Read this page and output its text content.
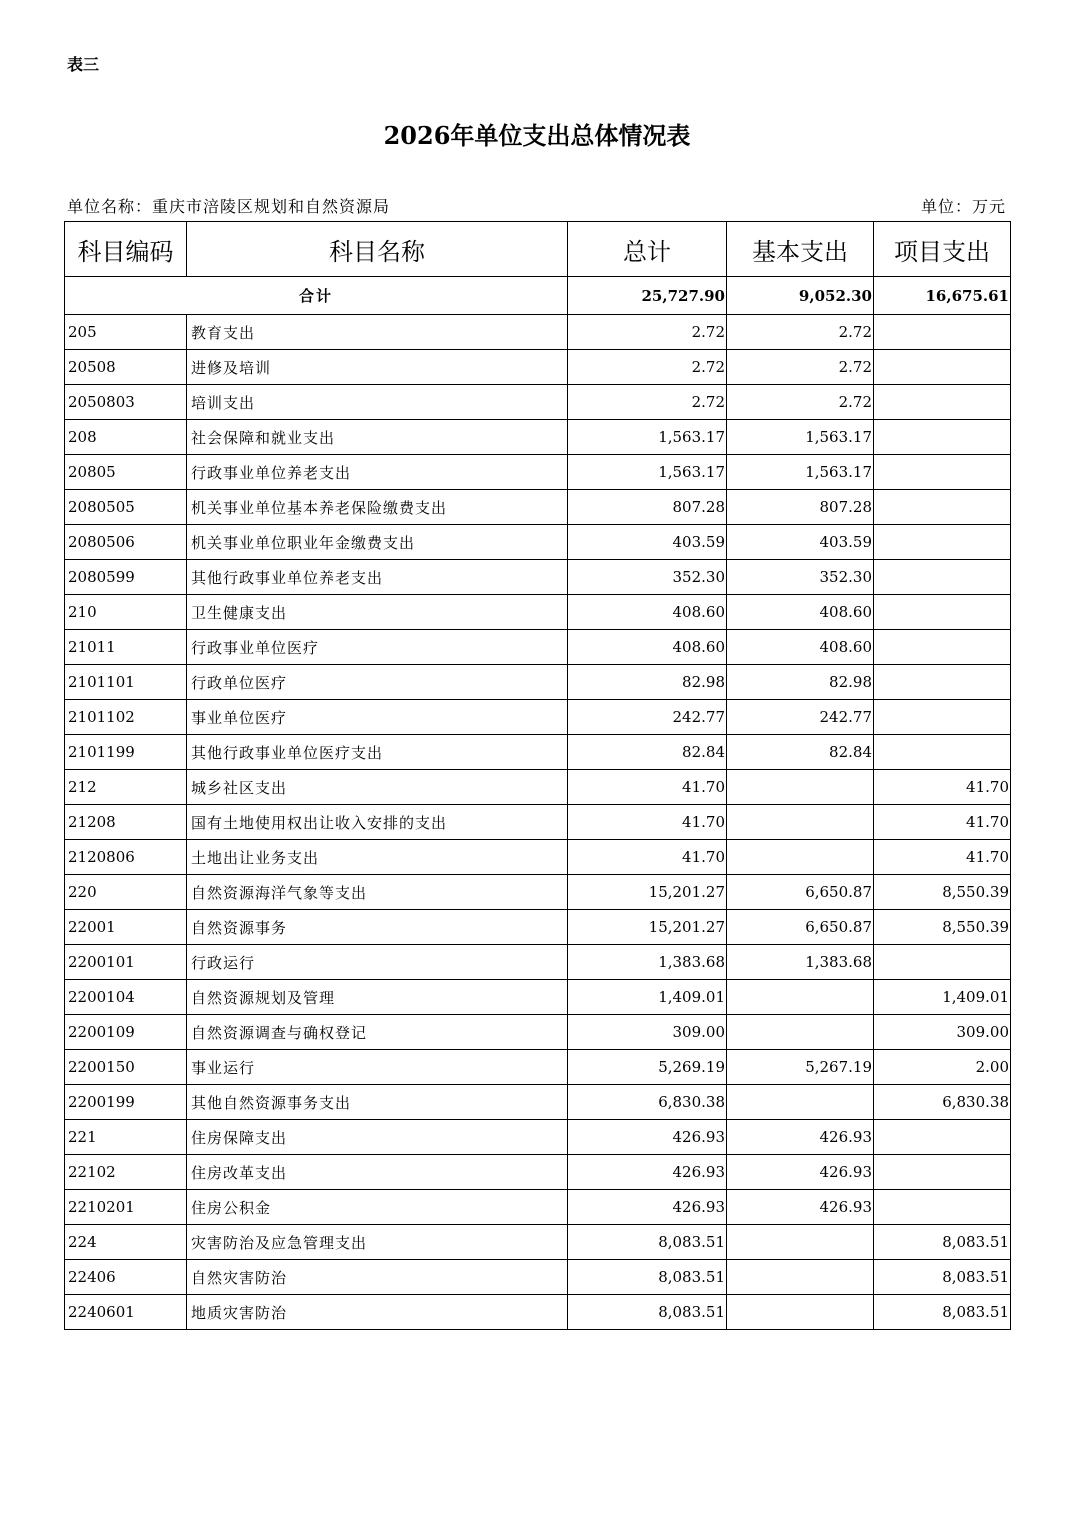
表三
2026年单位支出总体情况表
单位名称：重庆市涪陵区规划和自然资源局	单位：万元
科目编码	科目名称	总计	基本支出	项目支出
合计		25,727.90	9,052.30	16,675.61
205	教育支出	2.72	2.72	
20508	进修及培训	2.72	2.72	
2050803	培训支出	2.72	2.72	
208	社会保障和就业支出	1,563.17	1,563.17	
20805	行政事业单位养老支出	1,563.17	1,563.17	
2080505	机关事业单位基本养老保险缴费支出	807.28	807.28	
2080506	机关事业单位职业年金缴费支出	403.59	403.59	
2080599	其他行政事业单位养老支出	352.30	352.30	
210	卫生健康支出	408.60	408.60	
21011	行政事业单位医疗	408.60	408.60	
2101101	行政单位医疗	82.98	82.98	
2101102	事业单位医疗	242.77	242.77	
2101199	其他行政事业单位医疗支出	82.84	82.84	
212	城乡社区支出	41.70		41.70
21208	国有土地使用权出让收入安排的支出	41.70		41.70
2120806	土地出让业务支出	41.70		41.70
220	自然资源海洋气象等支出	15,201.27	6,650.87	8,550.39
22001	自然资源事务	15,201.27	6,650.87	8,550.39
2200101	行政运行	1,383.68	1,383.68	
2200104	自然资源规划及管理	1,409.01		1,409.01
2200109	自然资源调查与确权登记	309.00		309.00
2200150	事业运行	5,269.19	5,267.19	2.00
2200199	其他自然资源事务支出	6,830.38		6,830.38
221	住房保障支出	426.93	426.93	
22102	住房改革支出	426.93	426.93	
2210201	住房公积金	426.93	426.93	
224	灾害防治及应急管理支出	8,083.51		8,083.51
22406	自然灾害防治	8,083.51		8,083.51
2240601	地质灾害防治	8,083.51		8,083.51
